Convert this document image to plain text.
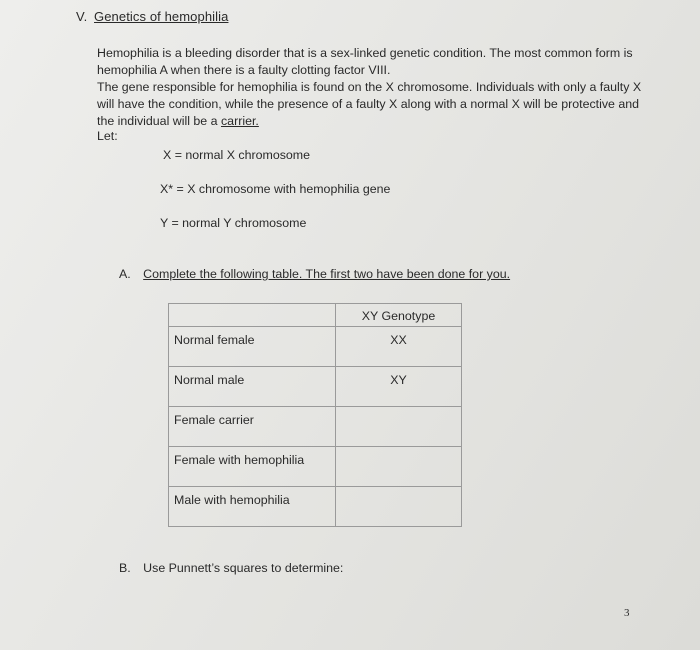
V. Genetics of hemophilia

Hemophilia is a bleeding disorder that is a sex-linked genetic condition. The most common form is hemophilia A when there is a faulty clotting factor VIII.

The gene responsible for hemophilia is found on the X chromosome. Individuals with only a faulty X will have the condition, while the presence of a faulty X along with a normal X will be protective and the individual will be a carrier.

Let:
X = normal X chromosome
X* = X chromosome with hemophilia gene
Y = normal Y chromosome
A. Complete the following table. The first two have been done for you.

	XY Genotype

Normal female	XX

Normal male	XY

Female carrier	

Female with hemophilia	

Male with hemophilia	

B. Use Punnett’s squares to determine:
3
